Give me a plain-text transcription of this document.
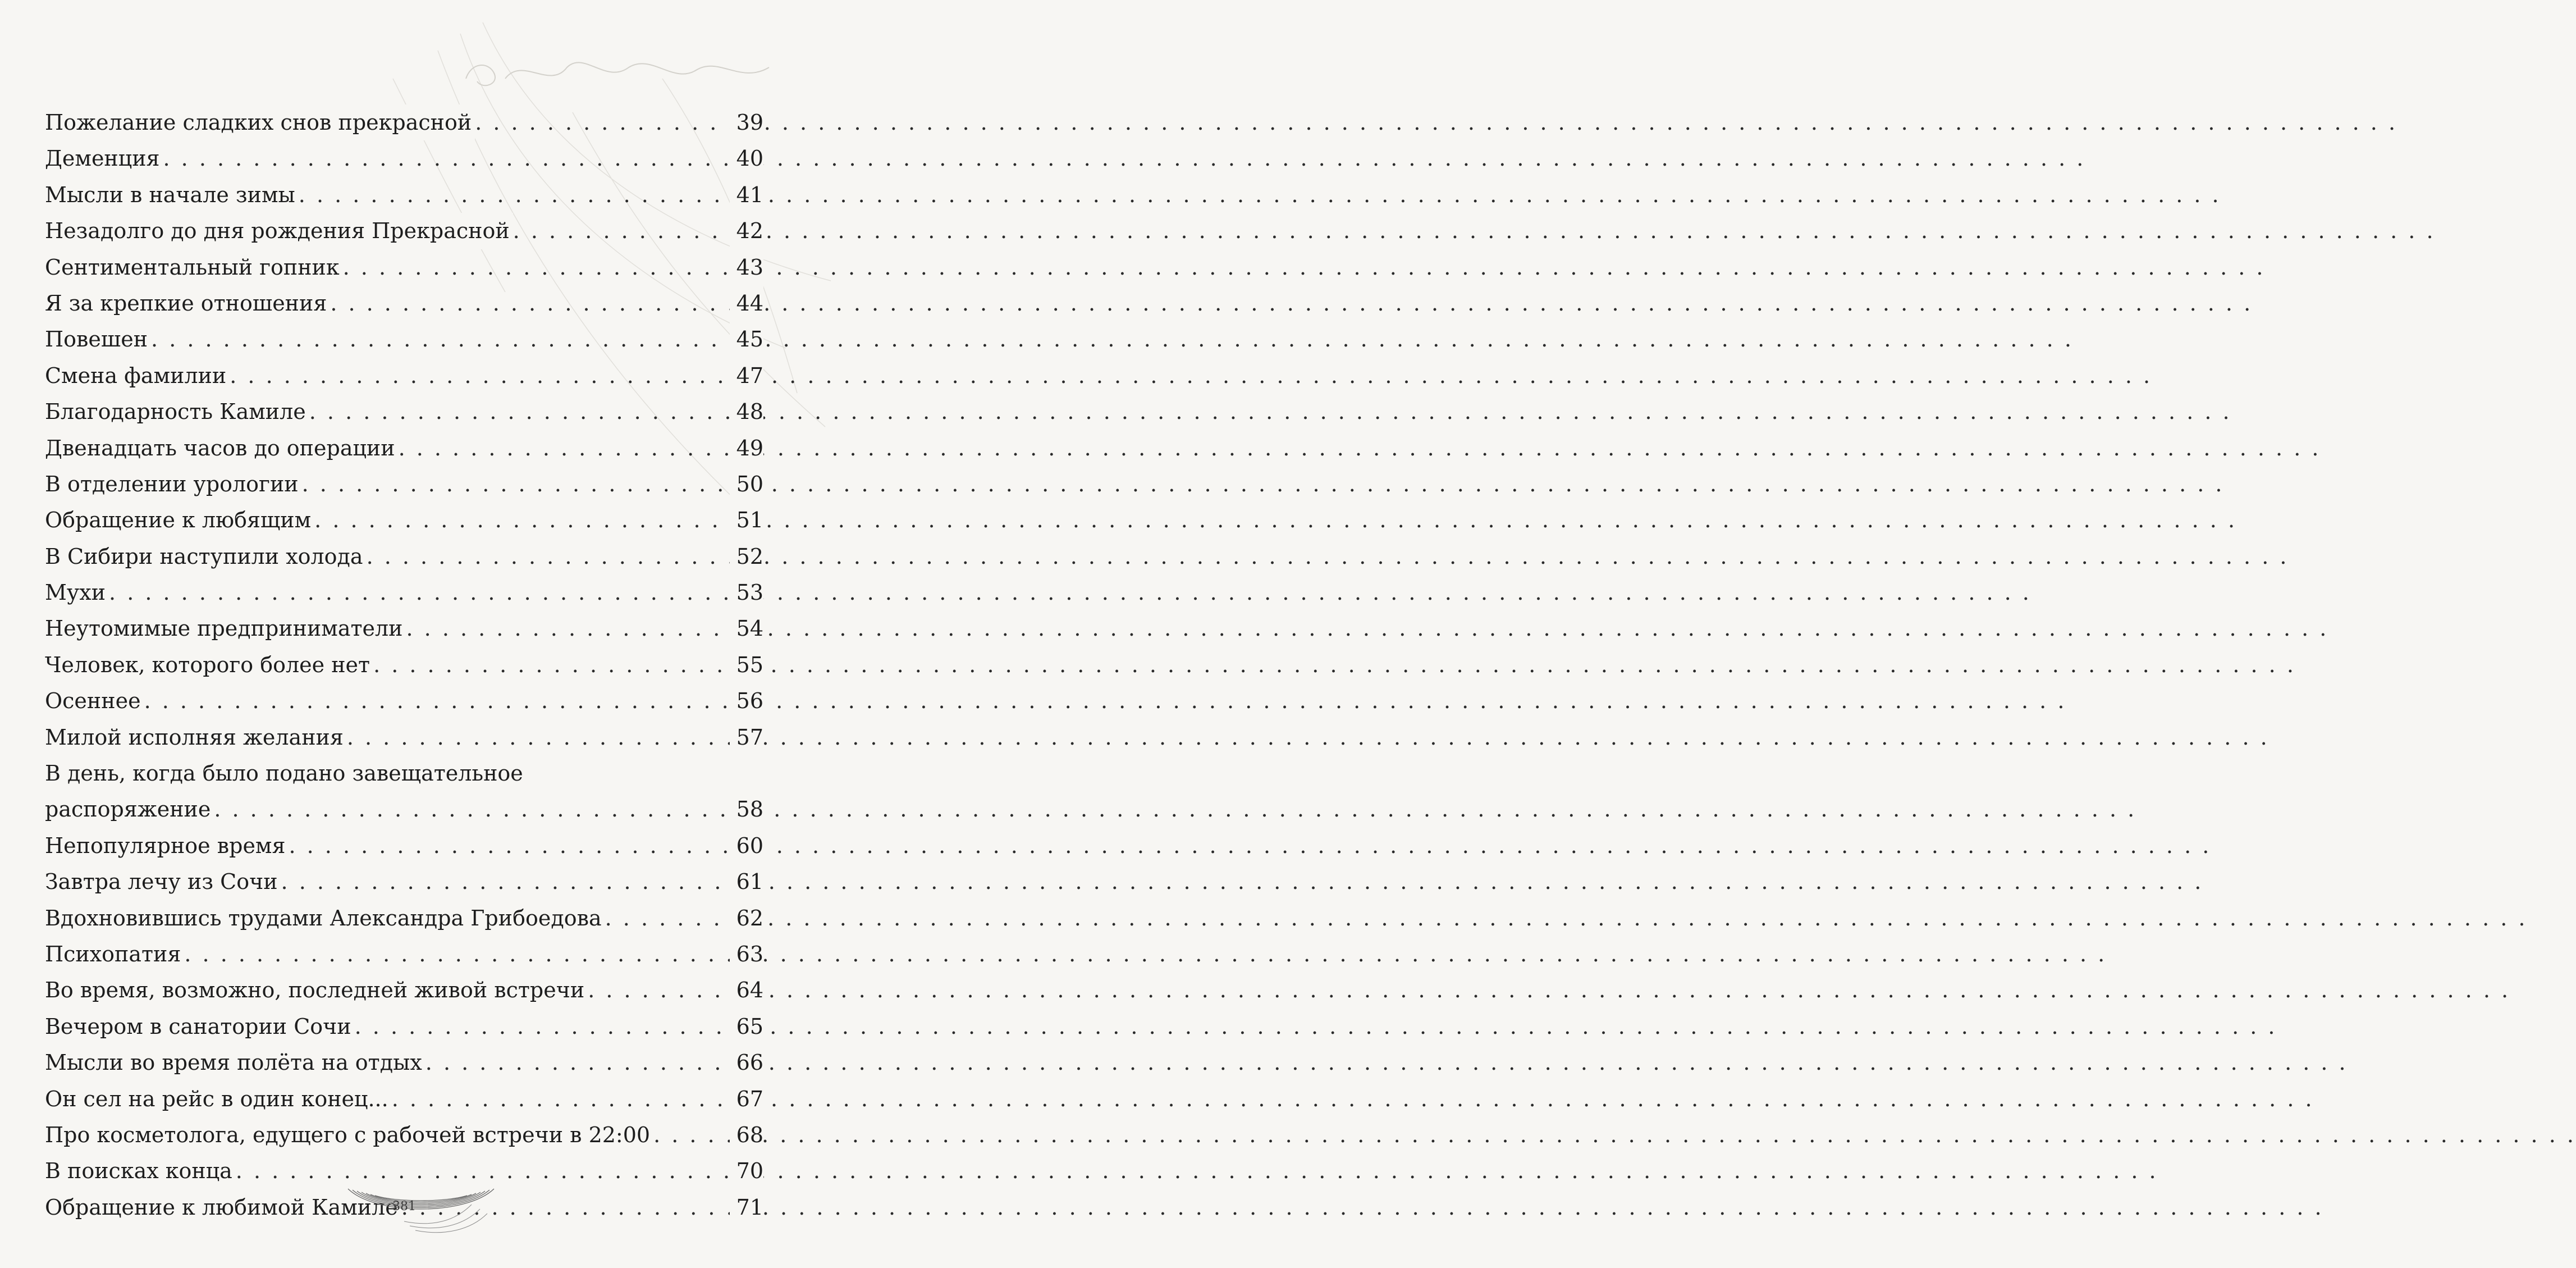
Пожелание сладких снов прекрасной . . .	39
Деменция . . .	40
Мысли в начале зимы . . .	41
Незадолго до дня рождения Прекрасной . . .	42
Сентиментальный гопник . . .	43
Я за крепкие отношения . . .	44
Повешен . . .	45
Смена фамилии . . .	47
Благодарность Камиле . . .	48
Двенадцать часов до операции . . .	49
В отделении урологии . . .	50
Обращение к любящим . . .	51
В Сибири наступили холода . . .	52
Мухи . . .	53
Неутомимые предприниматели . . .	54
Человек, которого более нет . . .	55
Осеннее . . .	56
Милой исполняя желания . . .	57
В день, когда было подано завещательное
распоряжение . . .	58
Непопулярное время . . .	60
Завтра лечу из Сочи . . .	61
Вдохновившись трудами Александра Грибоедова . . .	62
Психопатия . . .	63
Во время, возможно, последней живой встречи . . .	64
Вечером в санатории Сочи . . .	65
Мысли во время полёта на отдых . . .	66
Он сел на рейс в один конец... . . .	67
Про косметолога, едущего с рабочей встречи в 22:00 . . .	68
В поисках конца . . .	70
Обращение к любимой Камиле . . .	71
381
